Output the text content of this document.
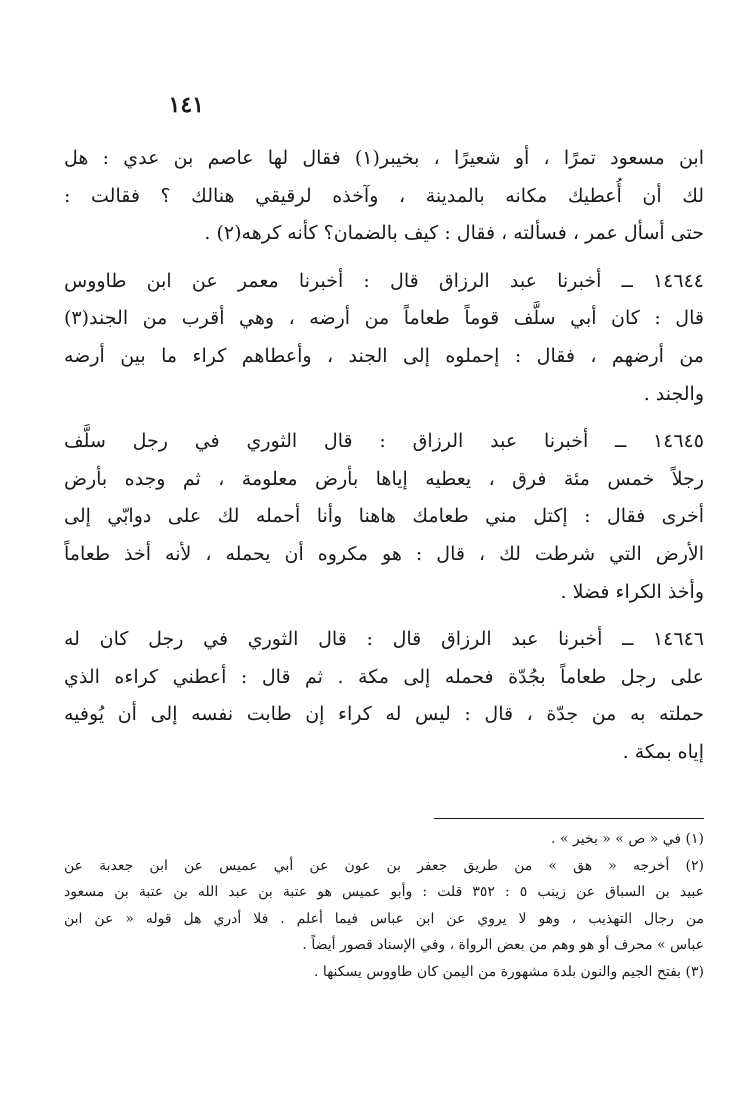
١٤١
ابن مسعود تمرًا ، أو شعيرًا ، بخيبر(١) فقال لها عاصم بن عدي : هل
لك أن أُعطيك مكانه بالمدينة ، وآخذه لرقيقي هنالك ؟ فقالت :
حتى أسأل عمر ، فسألته ، فقال : كيف بالضمان؟ كأنه كرهه(٢) .
١٤٦٤٤ ــ أخبرنا عبد الرزاق قال : أخبرنا معمر عن ابن طاووس
قال : كان أبي سلَّف قوماً طعاماً من أرضه ، وهي أقرب من الجند(٣)
من أرضهم ، فقال : إحملوه إلى الجند ، وأعطاهم كراء ما بين أرضه
والجند .
١٤٦٤٥ ــ أخبرنا عبد الرزاق : قال الثوري في رجل سلَّف
رجلاً خمس مئة فرق ، يعطيه إياها بأرض معلومة ، ثم وجده بأرض
أخرى فقال : إكتل مني طعامك هاهنا وأنا أحمله لك على دوابّي إلى
الأرض التي شرطت لك ، قال : هو مكروه أن يحمله ، لأنه أخذ طعاماً
وأخذ الكراء فضلا .
١٤٦٤٦ ــ أخبرنا عبد الرزاق قال : قال الثوري في رجل كان له
على رجل طعاماً بجُدّة فحمله إلى مكة . ثم قال : أعطني كراءه الذي
حملته به من جدّة ، قال : ليس له كراء إن طابت نفسه إلى أن يُوفيه
إياه بمكة .
(١) في « ص » « بخير » .
(٢) أخرجه « هق » من طريق جعفر بن عون عن أبي عميس عن ابن جعدبة عن
عبيد بن السباق عن زينب ٥ : ٣٥٢ قلت : وأبو عميس هو عتبة بن عبد الله بن عتبة بن مسعود
من رجال التهذيب ، وهو لا يروي عن ابن عباس فيما أعلم . فلا أدري هل قوله « عن ابن
عباس » محرف أو هو وهم من بعض الرواة ، وفي الإسناد قصور أيضاً .
(٣) بفتح الجيم والنون بلدة مشهورة من اليمن كان طاووس يسكنها .
